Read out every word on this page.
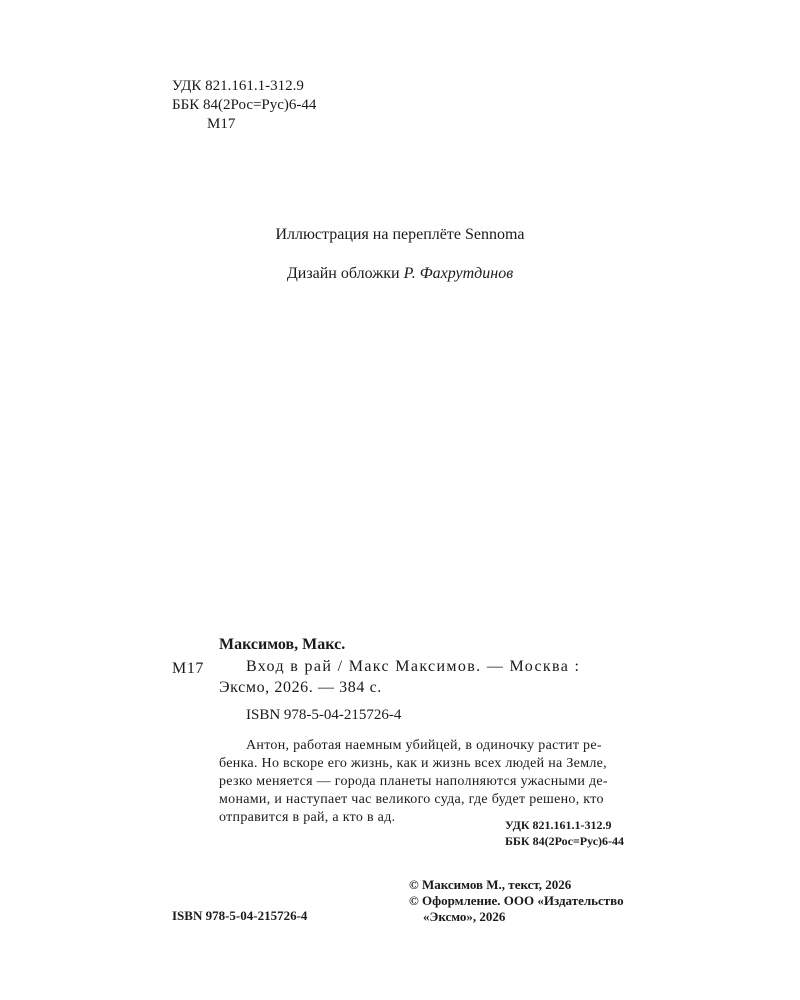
УДК 821.161.1-312.9
ББК 84(2Рос=Рус)6-44
М17
Иллюстрация на переплёте Sennoma
Дизайн обложки Р. Фахрутдинов
Максимов, Макс.
М17	Вход в рай / Макс Максимов. — Москва :
Эксмо, 2026. — 384 с.
ISBN 978-5-04-215726-4
Антон, работая наемным убийцей, в одиночку растит ре-
бенка. Но вскоре его жизнь, как и жизнь всех людей на Земле,
резко меняется — города планеты наполняются ужасными де-
монами, и наступает час великого суда, где будет решено, кто
отправится в рай, а кто в ад.	УДК 821.161.1-312.9
ББК 84(2Рос=Рус)6-44
© Максимов М., текст, 2026
© Оформление. ООО «Издательство
«Эксмо», 2026
ISBN 978-5-04-215726-4
